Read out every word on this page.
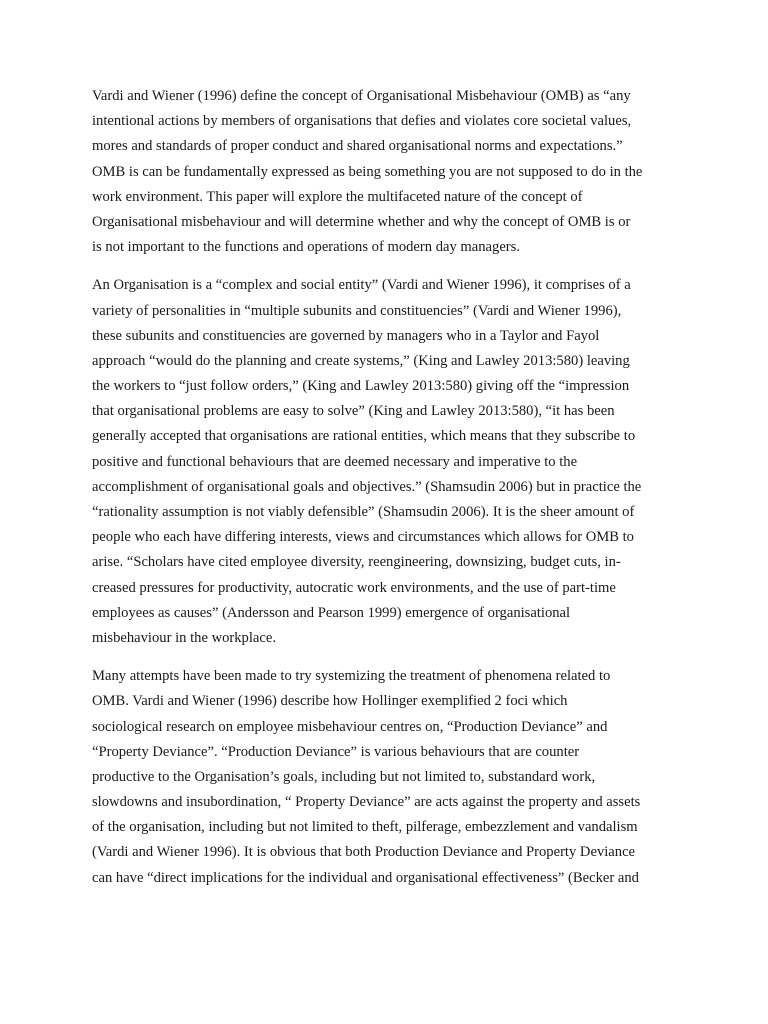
Vardi and Wiener (1996) define the concept of Organisational Misbehaviour (OMB) as “any
intentional actions by members of organisations that defies and violates core societal values,
mores and standards of proper conduct and shared organisational norms and expectations.”
OMB is can be fundamentally expressed as being something you are not supposed to do in the
work environment. This paper will explore the multifaceted nature of the concept of
Organisational misbehaviour and will determine whether and why the concept of OMB is or
is not important to the functions and operations of modern day managers.

An Organisation is a “complex and social entity” (Vardi and Wiener 1996), it comprises of a
variety of personalities in “multiple subunits and constituencies” (Vardi and Wiener 1996),
these subunits and constituencies are governed by managers who in a Taylor and Fayol
approach “would do the planning and create systems,” (King and Lawley 2013:580) leaving
the workers to “just follow orders,” (King and Lawley 2013:580) giving off the “impression
that organisational problems are easy to solve” (King and Lawley 2013:580), “it has been
generally accepted that organisations are rational entities, which means that they subscribe to
positive and functional behaviours that are deemed necessary and imperative to the
accomplishment of organisational goals and objectives.” (Shamsudin 2006) but in practice the
“rationality assumption is not viably defensible” (Shamsudin 2006). It is the sheer amount of
people who each have differing interests, views and circumstances which allows for OMB to
arise. “Scholars have cited employee diversity, reengineering, downsizing, budget cuts, in-
creased pressures for productivity, autocratic work environments, and the use of part-time
employees as causes” (Andersson and Pearson 1999) emergence of organisational
misbehaviour in the workplace.

Many attempts have been made to try systemizing the treatment of phenomena related to
OMB. Vardi and Wiener (1996) describe how Hollinger exemplified 2 foci which
sociological research on employee misbehaviour centres on, “Production Deviance” and
“Property Deviance”. “Production Deviance” is various behaviours that are counter
productive to the Organisation’s goals, including but not limited to, substandard work,
slowdowns and insubordination, “ Property Deviance” are acts against the property and assets
of the organisation, including but not limited to theft, pilferage, embezzlement and vandalism
(Vardi and Wiener 1996). It is obvious that both Production Deviance and Property Deviance
can have “direct implications for the individual and organisational effectiveness” (Becker and
